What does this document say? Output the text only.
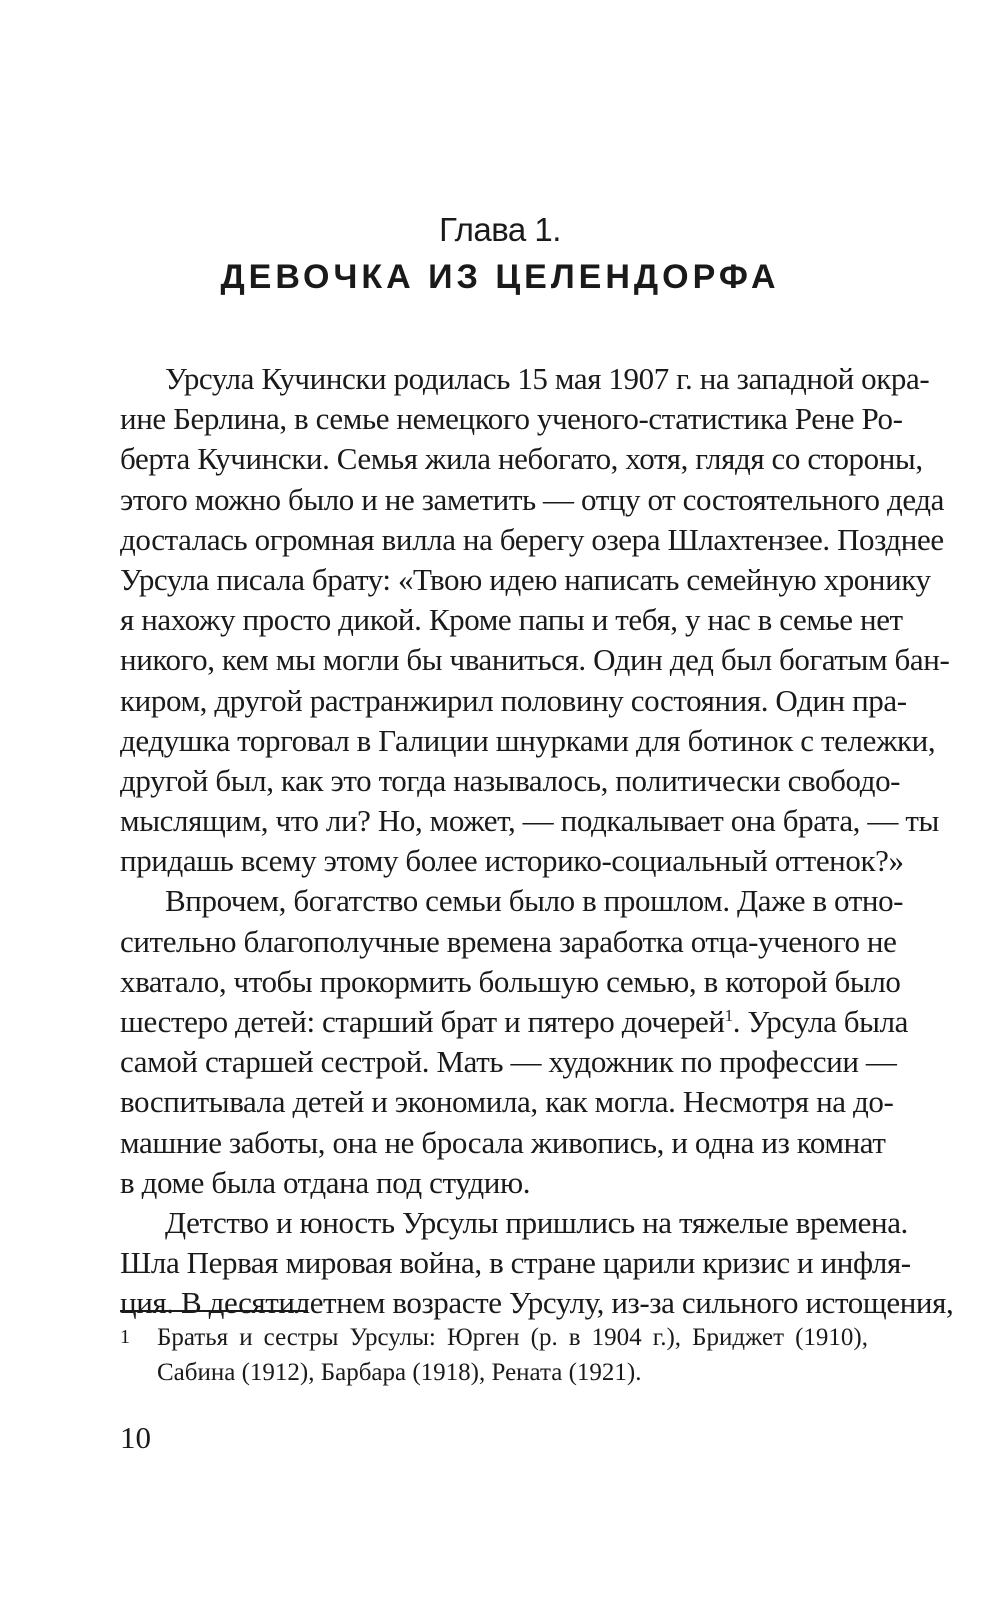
Глава 1.
ДЕВОЧКА ИЗ ЦЕЛЕНДОРФА
Урсула Кучински родилась 15 мая 1907 г. на западной окра-
ине Берлина, в семье немецкого ученого-статистика Рене Ро-
берта Кучински. Семья жила небогато, хотя, глядя со стороны,
этого можно было и не заметить — отцу от состоятельного деда
досталась огромная вилла на берегу озера Шлахтензее. Позднее
Урсула писала брату: «Твою идею написать семейную хронику
я нахожу просто дикой. Кроме папы и тебя, у нас в семье нет
никого, кем мы могли бы чваниться. Один дед был богатым бан-
киром, другой растранжирил половину состояния. Один пра-
дедушка торговал в Галиции шнурками для ботинок с тележки,
другой был, как это тогда называлось, политически свободо-
мыслящим, что ли? Но, может, — подкалывает она брата, — ты
придашь всему этому более историко-социальный оттенок?»
Впрочем, богатство семьи было в прошлом. Даже в отно-
сительно благополучные времена заработка отца-ученого не
хватало, чтобы прокормить большую семью, в которой было
шестеро детей: старший брат и пятеро дочерей$^1$. Урсула была
самой старшей сестрой. Мать — художник по профессии —
воспитывала детей и экономила, как могла. Несмотря на до-
машние заботы, она не бросала живопись, и одна из комнат
в доме была отдана под студию.
Детство и юность Урсулы пришлись на тяжелые времена.
Шла Первая мировая война, в стране царили кризис и инфля-
ция. В десятилетнем возрасте Урсулу, из-за сильного истощения,
1 Братья и сестры Урсулы: Юрген (р. в 1904 г.), Бриджет (1910),
Сабина (1912), Барбара (1918), Рената (1921).
10
